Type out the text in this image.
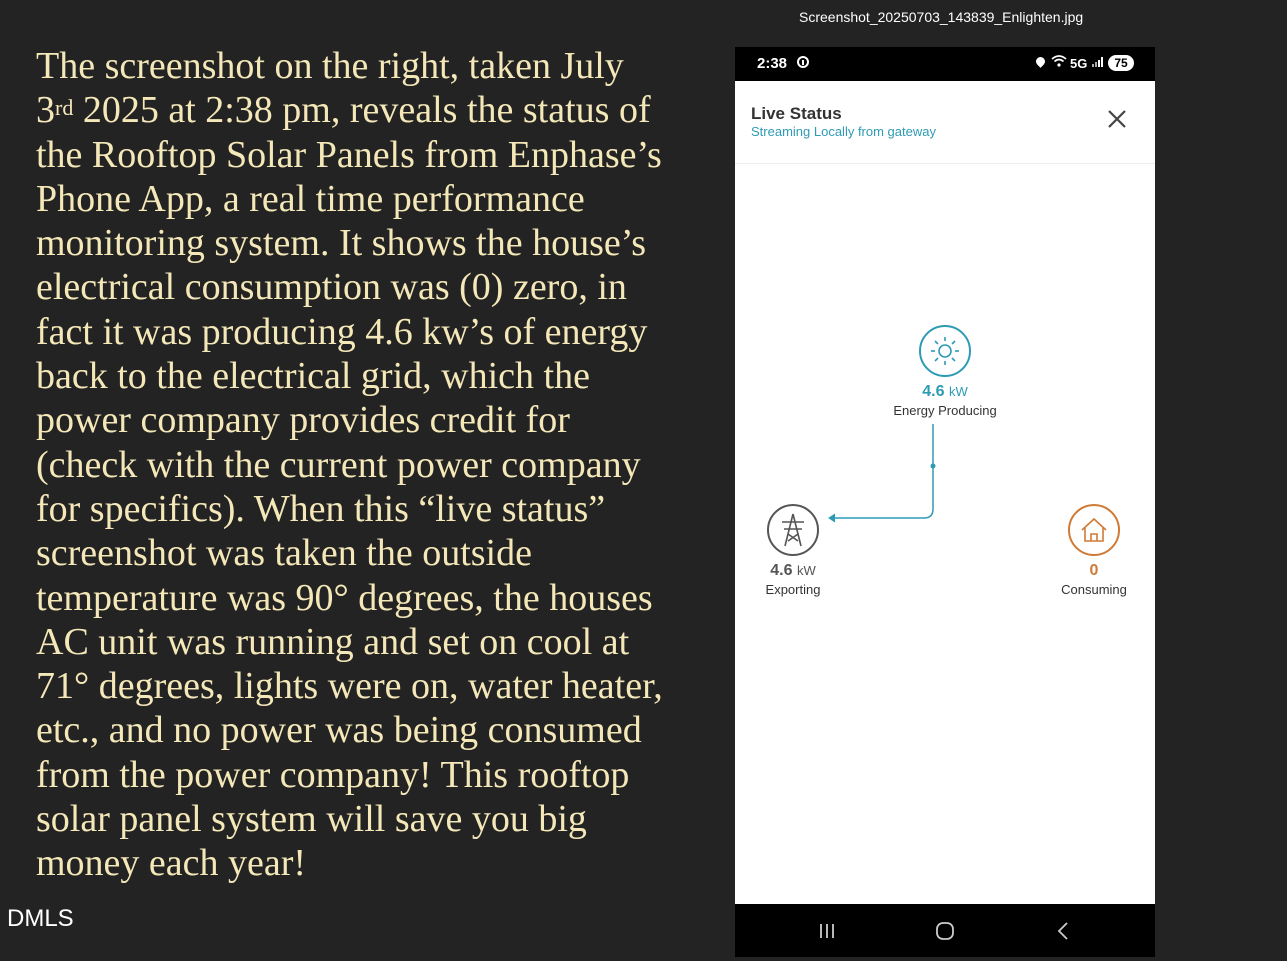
Screenshot_20250703_143839_Enlighten.jpg

The screenshot on the right, taken July
3rd 2025 at 2:38 pm, reveals the status of
the Rooftop Solar Panels from Enphase’s
Phone App, a real time performance
monitoring system. It shows the house’s
electrical consumption was (0) zero, in
fact it was producing 4.6 kw’s of energy
back to the electrical grid, which the
power company provides credit for
(check with the current power company
for specifics). When this “live status”
screenshot was taken the outside
temperature was 90° degrees, the houses
AC unit was running and set on cool at
71° degrees, lights were on, water heater,
etc., and no power was being consumed
from the power company! This rooftop
solar panel system will save you big
money each year!

DMLS
2:38	5G	75
Live Status
Streaming Locally from gateway
4.6 kW
Energy Producing
4.6 kW
Exporting
0
Consuming
